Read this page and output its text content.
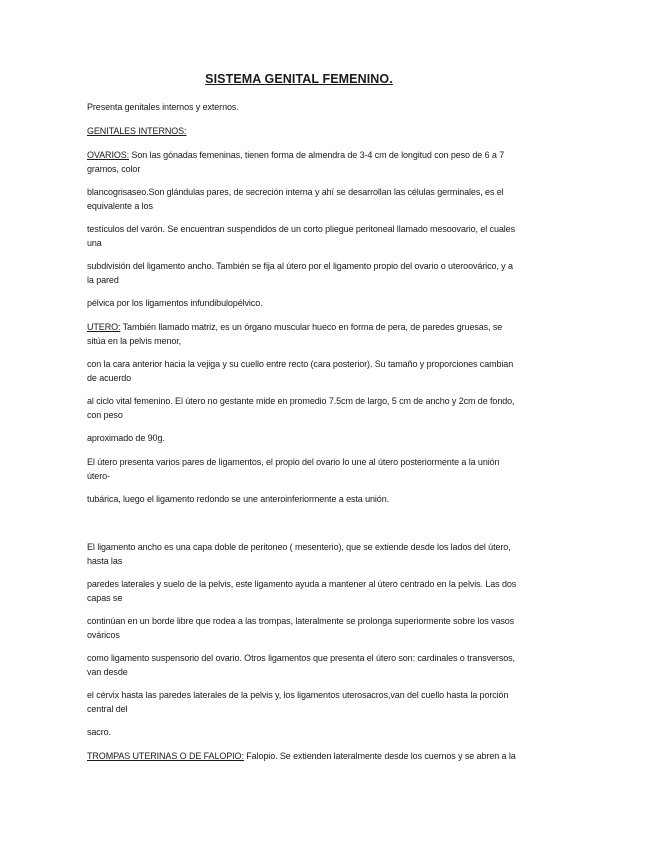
SISTEMA GENITAL FEMENINO.
Presenta genitales internos y externos.
GENITALES INTERNOS:
OVARIOS: Son las gónadas femeninas, tienen forma de almendra de 3-4 cm de longitud con peso de 6 a 7 gramos, color
blancogrisaseo.Son glándulas pares, de secreción interna y ahí se desarrollan las células germinales, es el equivalente a los
testículos del varón. Se encuentran suspendidos de un corto pliegue peritoneal llamado mesoovario, el cuales una
subdivisión del ligamento ancho. También se fija al útero por el ligamento propio del ovario o uteroovárico, y a la pared
pélvica por los ligamentos infundibulopélvico.
UTERO: También llamado matriz, es un órgano muscular hueco en forma de pera, de paredes gruesas, se sitúa en la pelvis menor,
con la cara anterior hacia la vejiga y su cuello entre recto (cara posterior). Su tamaño y proporciones cambian de acuerdo
al ciclo vital femenino. El útero no gestante mide en promedio 7.5cm de largo, 5 cm de ancho y 2cm de fondo, con peso
aproximado de 90g.
El útero presenta varios pares de ligamentos, el propio del ovario lo une al útero posteriormente a la unión útero-
tubárica, luego el ligamento redondo se une anteroinferiormente a esta unión.
El ligamento ancho es una capa doble de peritoneo ( mesenterio), que se extiende desde los lados del útero, hasta las
paredes laterales y suelo de la pelvis, este ligamento ayuda a mantener al útero centrado en la pelvis. Las dos capas se
continúan en un borde libre que rodea a las trompas, lateralmente se prolonga superiormente sobre los vasos ováricos
como ligamento suspensorio del ovario. Otros ligamentos que presenta el útero son: cardinales o transversos, van desde
el cérvix hasta las paredes laterales de la pelvis y, los ligamentos uterosacros,van del cuello hasta la porción central del
sacro.
TROMPAS UTERINAS O DE FALOPIO: Falopio. Se extienden lateralmente desde los cuernos y se abren a la
